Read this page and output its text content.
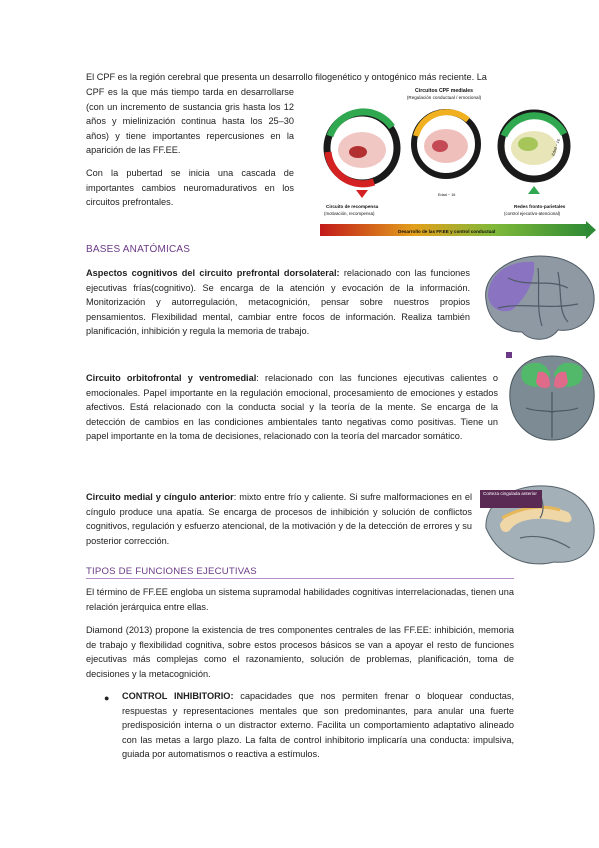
El CPF es la región cerebral que presenta un desarrollo filogenético y ontogénico más reciente. La

CPF es la que más tiempo tarda en desarrollarse (con un incremento de sustancia gris hasta los 12 años y mielinización continua hasta los 25–30 años) y tiene importantes repercusiones en la aparición de las FF.EE.

Con la pubertad se inicia una cascada de importantes cambios neuromadurativos en los circuitos prefrontales.

Circuitos CPF mediales
(Regulación conductual / emocional)
Edad ~ 14
Edad ~ 16
Edad ~ 16
Circuito de recompensa
(motivación, recompensa)
Redes fronto-parietales
(control ejecutivo-atencional)
Desarrollo de las FF.EE y control conductual
BASES ANATÓMICAS

Aspectos cognitivos del circuito prefrontal dorsolateral: relacionado con las funciones ejecutivas frías(cognitivo). Se encarga de la atención y evocación de la información. Monitorización y autorregulación, metacognición, pensar sobre nuestros propios pensamientos. Flexibilidad mental, cambiar entre focos de información. Realiza también planificación, inhibición y regula la memoria de trabajo.

Circuito orbitofrontal y ventromedial: relacionado con las funciones ejecutivas calientes o emocionales. Papel importante en la regulación emocional, procesamiento de emociones y estados afectivos. Está relacionado con la conducta social y la teoría de la mente. Se encarga de la detección de cambios en las condiciones ambientales tanto negativas como positivas. Tiene un papel importante en la toma de decisiones, relacionado con la teoría del marcador somático.

Corteza cingulada anterior

Circuito medial y cíngulo anterior: mixto entre frío y caliente. Si sufre malformaciones en el cíngulo produce una apatía. Se encarga de procesos de inhibición y solución de conflictos cognitivos, regulación y esfuerzo atencional, de la motivación y de la detección de errores y su posterior corrección.

TIPOS DE FUNCIONES EJECUTIVAS

El término de FF.EE engloba un sistema supramodal habilidades cognitivas interrelacionadas, tienen una relación jerárquica entre ellas.

Diamond (2013) propone la existencia de tres componentes centrales de las FF.EE: inhibición, memoria de trabajo y flexibilidad cognitiva, sobre estos procesos básicos se van a apoyar el resto de funciones ejecutivas más complejas como el razonamiento, solución de problemas, planificación, toma de decisiones y la metacognición.

● CONTROL INHIBITORIO: capacidades que nos permiten frenar o bloquear conductas, respuestas y representaciones mentales que son predominantes, para anular una fuerte predisposición interna o un distractor externo. Facilita un comportamiento adaptativo alineado con las metas a largo plazo. La falta de control inhibitorio implicaría una conducta: impulsiva, guiada por automatismos o reactiva a estímulos.
